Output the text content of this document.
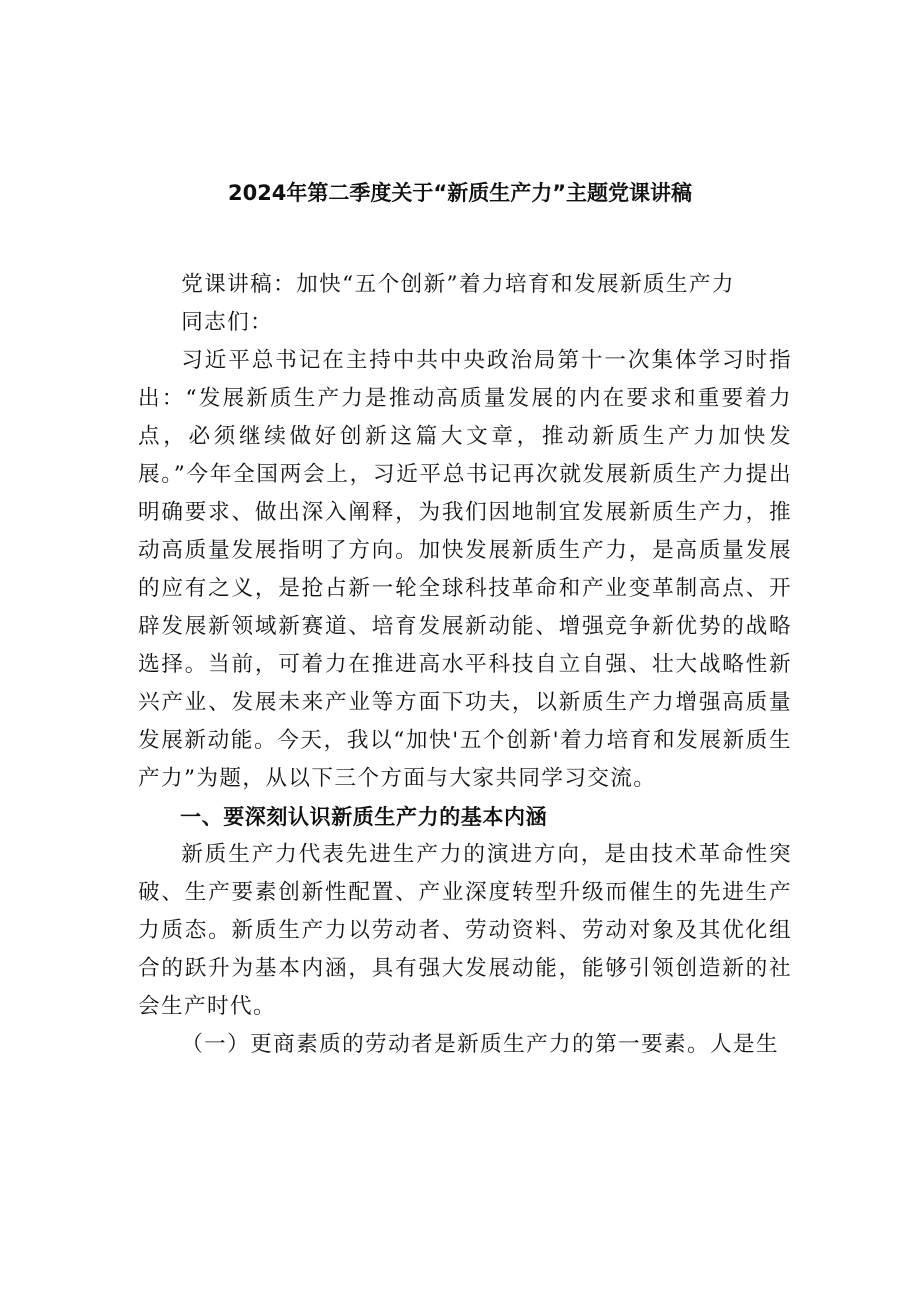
2024年第二季度关于“新质生产力”主题党课讲稿

党课讲稿：加快“五个创新”着力培育和发展新质生产力

同志们：

习近平总书记在主持中共中央政治局第十一次集体学习时指出：“发展新质生产力是推动高质量发展的内在要求和重要着力点，必须继续做好创新这篇大文章，推动新质生产力加快发展。”今年全国两会上，习近平总书记再次就发展新质生产力提出明确要求、做出深入阐释，为我们因地制宜发展新质生产力，推动高质量发展指明了方向。加快发展新质生产力，是高质量发展的应有之义，是抢占新一轮全球科技革命和产业变革制高点、开辟发展新领域新赛道、培育发展新动能、增强竞争新优势的战略选择。当前，可着力在推进高水平科技自立自强、壮大战略性新兴产业、发展未来产业等方面下功夫，以新质生产力增强高质量发展新动能。今天，我以“加快'五个创新'着力培育和发展新质生产力”为题，从以下三个方面与大家共同学习交流。

一、要深刻认识新质生产力的基本内涵

新质生产力代表先进生产力的演进方向，是由技术革命性突破、生产要素创新性配置、产业深度转型升级而催生的先进生产力质态。新质生产力以劳动者、劳动资料、劳动对象及其优化组合的跃升为基本内涵，具有强大发展动能，能够引领创造新的社会生产时代。

（一）更商素质的劳动者是新质生产力的第一要素。人是生
